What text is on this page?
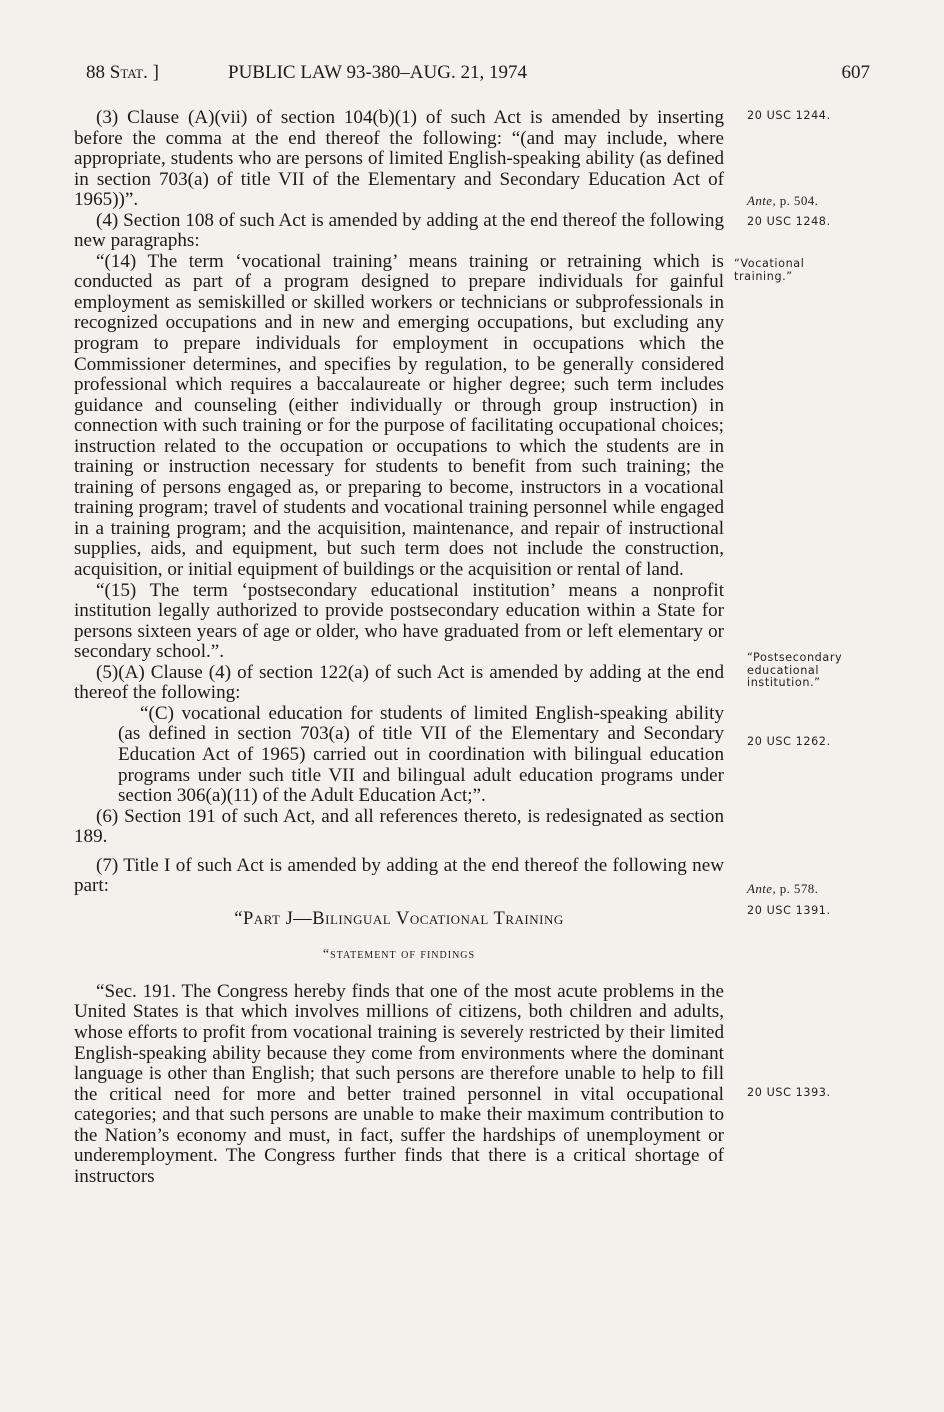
88 Stat. ]	PUBLIC LAW 93-380–AUG. 21, 1974	607

(3) Clause (A)(vii) of section 104(b)(1) of such Act is amended by inserting before the comma at the end thereof the following: “(and may include, where appropriate, students who are persons of limited English-speaking ability (as defined in section 703(a) of title VII of the Elementary and Secondary Education Act of 1965))”.

(4) Section 108 of such Act is amended by adding at the end thereof the following new paragraphs:

“(14) The term ‘vocational training’ means training or retraining which is conducted as part of a program designed to prepare individuals for gainful employment as semiskilled or skilled workers or technicians or subprofessionals in recognized occupations and in new and emerging occupations, but excluding any program to prepare individuals for employment in occupations which the Commissioner determines, and specifies by regulation, to be generally considered professional which requires a baccalaureate or higher degree; such term includes guidance and counseling (either individually or through group instruction) in connection with such training or for the purpose of facilitating occupational choices; instruction related to the occupation or occupations to which the students are in training or instruction necessary for students to benefit from such training; the training of persons engaged as, or preparing to become, instructors in a vocational training program; travel of students and vocational training personnel while engaged in a training program; and the acquisition, maintenance, and repair of instructional supplies, aids, and equipment, but such term does not include the construction, acquisition, or initial equipment of buildings or the acquisition or rental of land.

“(15) The term ‘postsecondary educational institution’ means a nonprofit institution legally authorized to provide postsecondary education within a State for persons sixteen years of age or older, who have graduated from or left elementary or secondary school.”.

(5)(A) Clause (4) of section 122(a) of such Act is amended by adding at the end thereof the following:

“(C) vocational education for students of limited English-speaking ability (as defined in section 703(a) of title VII of the Elementary and Secondary Education Act of 1965) carried out in coordination with bilingual education programs under such title VII and bilingual adult education programs under section 306(a)(11) of the Adult Education Act;”.

(6) Section 191 of such Act, and all references thereto, is redesignated as section 189.

(7) Title I of such Act is amended by adding at the end thereof the following new part:

“Part J—Bilingual Vocational Training

“statement of findings

“Sec. 191. The Congress hereby finds that one of the most acute problems in the United States is that which involves millions of citizens, both children and adults, whose efforts to profit from vocational training is severely restricted by their limited English-speaking ability because they come from environments where the dominant language is other than English; that such persons are therefore unable to help to fill the critical need for more and better trained personnel in vital occupational categories; and that such persons are unable to make their maximum contribution to the Nation’s economy and must, in fact, suffer the hardships of unemployment or underemployment. The Congress further finds that there is a critical shortage of instructors

20 USC 1244.
Ante, p. 504.
20 USC 1248.
“Vocational training.”
“Postsecondary educational institution.”
20 USC 1262.
Ante, p. 578.
20 USC 1391.
20 USC 1393.
